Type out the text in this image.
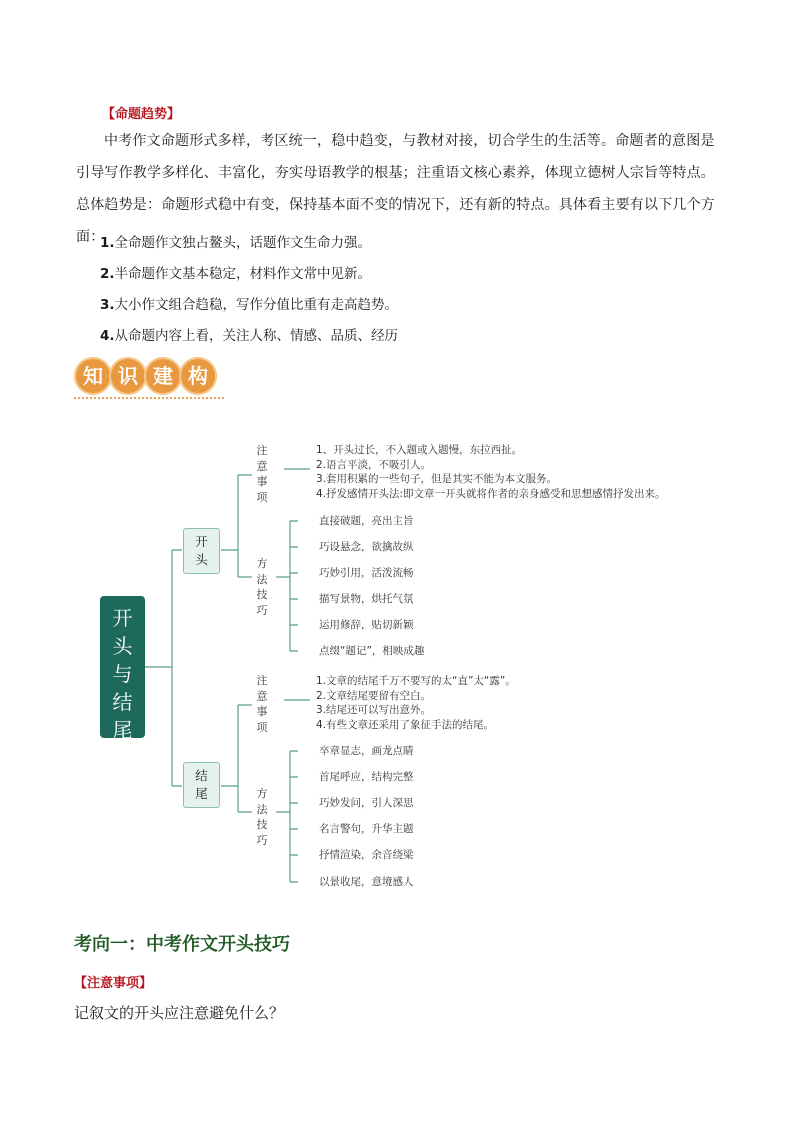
【命题趋势】
中考作文命题形式多样，考区统一，稳中趋变，与教材对接，切合学生的生活等。命题者的意图是引导写作教学多样化、丰富化，夯实母语教学的根基；注重语文核心素养，体现立德树人宗旨等特点。总体趋势是：命题形式稳中有变，保持基本面不变的情况下，还有新的特点。具体看主要有以下几个方面：
1.全命题作文独占鳌头，话题作文生命力强。
2.半命题作文基本稳定，材料作文常中见新。
3.大小作文组合趋稳，写作分值比重有走高趋势。
4.从命题内容上看，关注人称、情感、品质、经历
知 识 建 构
开头与结尾
开头
注意事项
1、开头过长，不入题或入题慢，东拉西扯。
2.语言平淡，不吸引人。
3.套用积累的一些句子，但是其实不能为本文服务。
4.抒发感情开头法:即文章一开头就将作者的亲身感受和思想感情抒发出来。
方法技巧
直接破题，亮出主旨
巧设悬念，欲擒故纵
巧妙引用，活泼流畅
描写景物，烘托气氛
运用修辞，贴切新颖
点缀“题记”，相映成趣
结尾
注意事项
1.文章的结尾千万不要写的太“直”太“露”。
2.文章结尾要留有空白。
3.结尾还可以写出意外。
4.有些文章还采用了象征手法的结尾。
方法技巧
卒章显志，画龙点睛
首尾呼应，结构完整
巧妙发问，引人深思
名言警句，升华主题
抒情渲染，余音绕梁
以景收尾，意境感人
考向一：中考作文开头技巧
【注意事项】
记叙文的开头应注意避免什么？
